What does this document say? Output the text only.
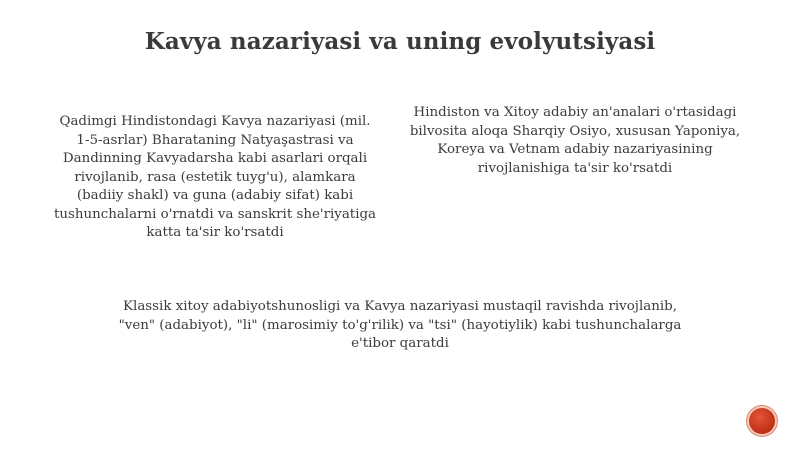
Kavya nazariyasi va uning evolyutsiyasi
Qadimgi Hindistondagi Kavya nazariyasi (mil. 1-5-asrlar) Bharataning Natyaşastrasi va Dandinning Kavyadarsha kabi asarlari orqali rivojlanib, rasa (estetik tuyg'u), alamkara (badiiy shakl) va guna (adabiy sifat) kabi tushunchalarni o'rnatdi va sanskrit she'riyatiga katta ta'sir ko'rsatdi
Hindiston va Xitoy adabiy an'analari o'rtasidagi bilvosita aloqa Sharqiy Osiyo, xususan Yaponiya, Koreya va Vetnam adabiy nazariyasining rivojlanishiga ta'sir ko'rsatdi
Klassik xitoy adabiyotshunosligi va Kavya nazariyasi mustaqil ravishda rivojlanib, "ven" (adabiyot), "li" (marosimiy to'g'rilik) va "tsi" (hayotiylik) kabi tushunchalarga e'tibor qaratdi
